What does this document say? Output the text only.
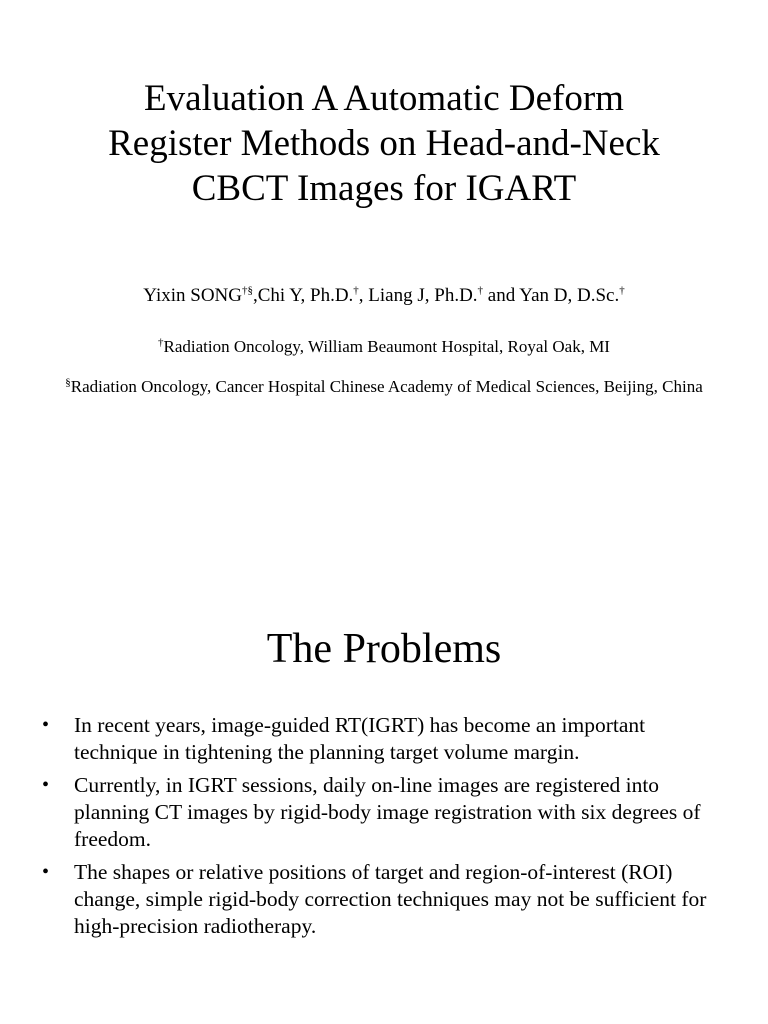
Evaluation A Automatic Deform
Register Methods on Head-and-Neck
CBCT Images for IGART
Yixin SONG†§,Chi Y, Ph.D.†, Liang J, Ph.D.† and Yan D, D.Sc.†
†Radiation Oncology, William Beaumont Hospital, Royal Oak, MI
§Radiation Oncology, Cancer Hospital Chinese Academy of Medical Sciences, Beijing, China
The Problems
• In recent years, image-guided RT(IGRT) has become an important technique in tightening the planning target volume margin.
• Currently, in IGRT sessions, daily on-line images are registered into planning CT images by rigid-body image registration with six degrees of freedom.
• The shapes or relative positions of target and region-of-interest (ROI) change, simple rigid-body correction techniques may not be sufficient for high-precision radiotherapy.
